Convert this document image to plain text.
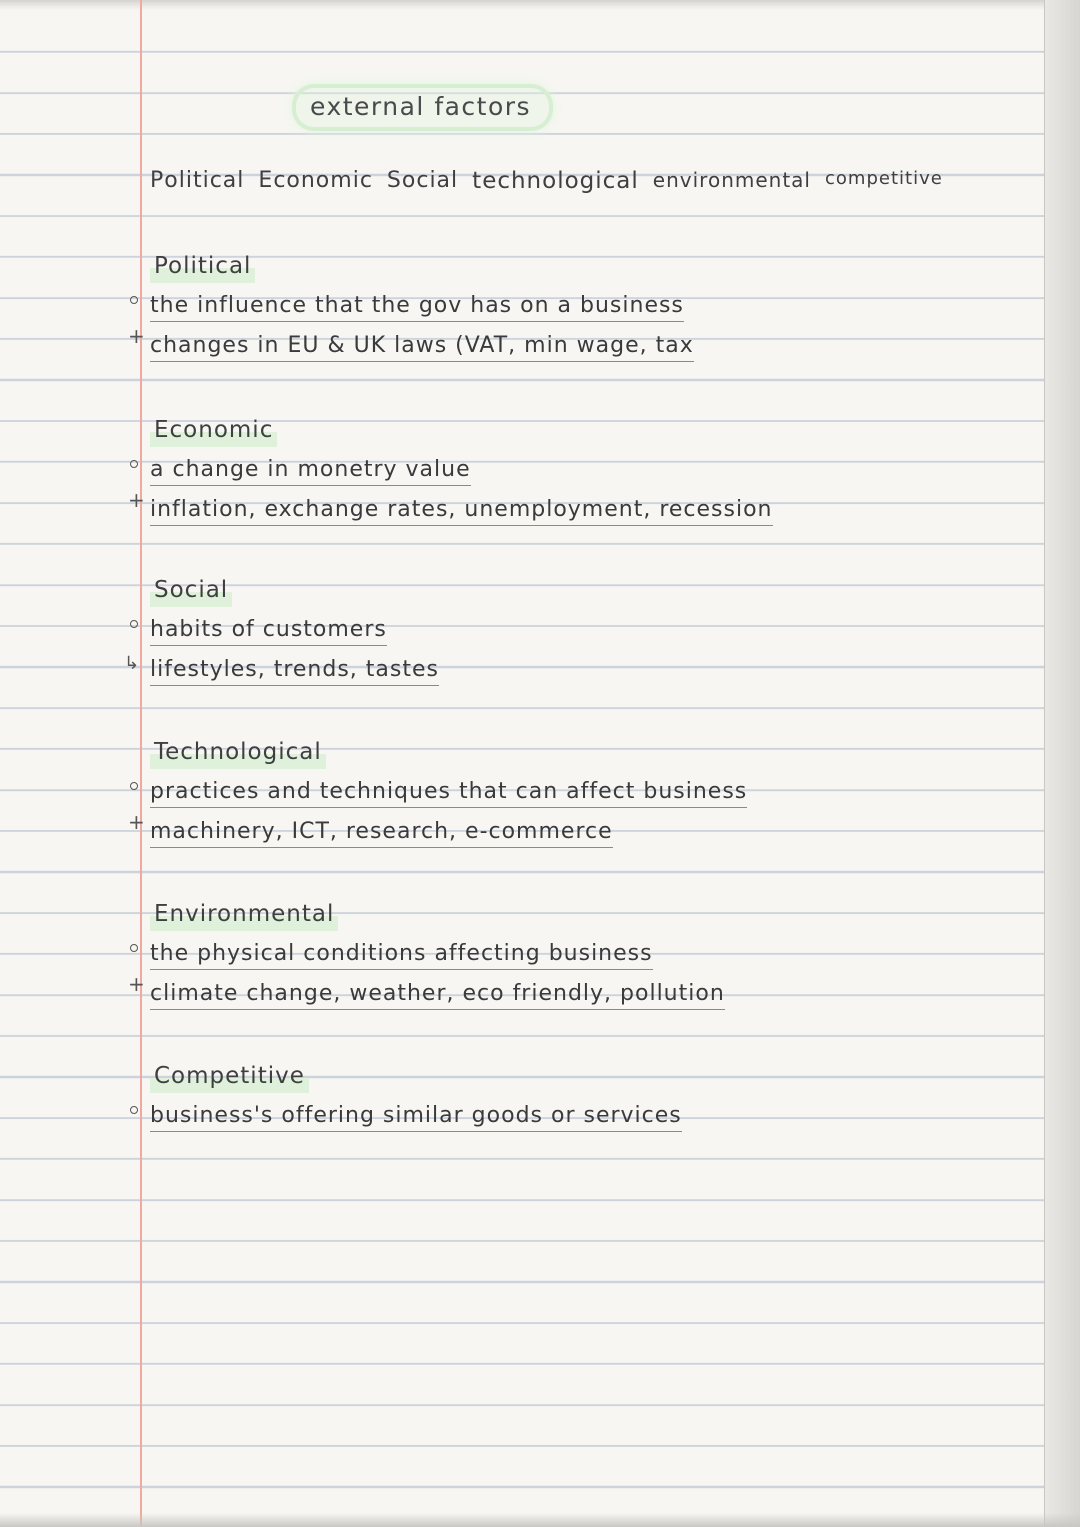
external factors
Political Economic Social technological environmental competitive
Political
the influence that the gov has on a business
changes in EU & UK laws (VAT, min wage, tax
Economic
a change in monetry value
inflation, exchange rates, unemployment, recession
Social
habits of customers
lifestyles, trends, tastes
Technological
practices and techniques that can affect business
machinery, ICT, research, e-commerce
Environmental
the physical conditions affecting business
climate change, weather, eco friendly, pollution
Competitive
business's offering similar goods or services
